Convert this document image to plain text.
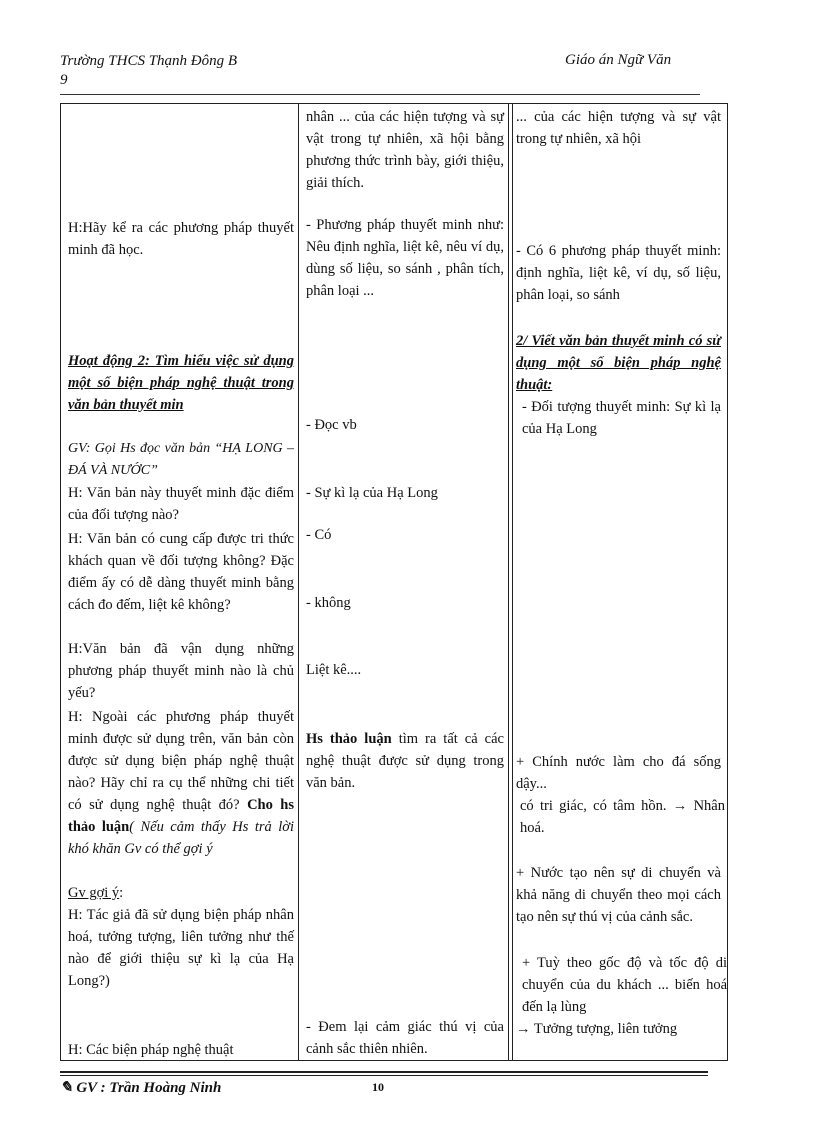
Trường THCS Thạnh Đông B
9
Giáo án Ngữ Văn
nhân ... của các hiện tượng và sự vật trong tự nhiên, xã hội bằng phương thức trình bày, giới thiệu, giải thích.
... của các hiện tượng và sự vật trong tự nhiên, xã hội
H:Hãy kể ra các phương pháp thuyết minh đã học.
- Phương pháp thuyết minh như: Nêu định nghĩa, liệt kê, nêu ví dụ, dùng số liệu, so sánh , phân tích, phân loại ...
- Có 6 phương pháp thuyết minh: định nghĩa, liệt kê, ví dụ, số liệu, phân loại, so sánh
Hoạt động 2: Tìm hiểu việc sử dụng một số biện pháp nghệ thuật trong văn bản thuyết min
2/ Viết văn bản thuyết minh có sử dụng một số biện pháp nghệ thuật:
- Đối tượng thuyết minh: Sự kì lạ của Hạ Long
GV: Gọi Hs đọc văn bản “HẠ LONG – ĐÁ VÀ NƯỚC”
- Đọc vb
H: Văn bản này thuyết minh đặc điểm của đối tượng nào?
- Sự kì lạ của Hạ Long
H: Văn bản có cung cấp được tri thức khách quan về đối tượng không? Đặc điểm ấy có dễ dàng thuyết minh bằng cách đo đếm, liệt kê không?
- Có
- không
H:Văn bản đã vận dụng những phương pháp thuyết minh nào là chủ yếu?
Liệt kê....
H: Ngoài các phương pháp thuyết minh được sử dụng trên, văn bản còn được sử dụng biện pháp nghệ thuật nào? Hãy chỉ ra cụ thể những chi tiết có sử dụng nghệ thuật đó? Cho hs thảo luận( Nếu cảm thấy Hs trả lời khó khăn Gv có thể gợi ý
Hs thảo luận tìm ra tất cả các nghệ thuật được sử dụng trong văn bản.
+ Chính nước làm cho đá sống dậy...
có tri giác, có tâm hồn. → Nhân hoá.
+ Nước tạo nên sự di chuyển và khả năng di chuyển theo mọi cách tạo nên sự thú vị của cảnh sắc.
+ Tuỳ theo gốc độ và tốc độ di chuyển của du khách ... biến hoá đến lạ lùng
→ Tưởng tượng, liên tưởng
Gv gợi ý:
H: Tác giả đã sử dụng biện pháp nhân hoá, tưởng tượng, liên tưởng như thế nào để giới thiệu sự kì lạ của Hạ Long?)
- Đem lại cảm giác thú vị của cảnh sắc thiên nhiên.
H: Các biện pháp nghệ thuật
✎ GV : Trần Hoàng Ninh	10
